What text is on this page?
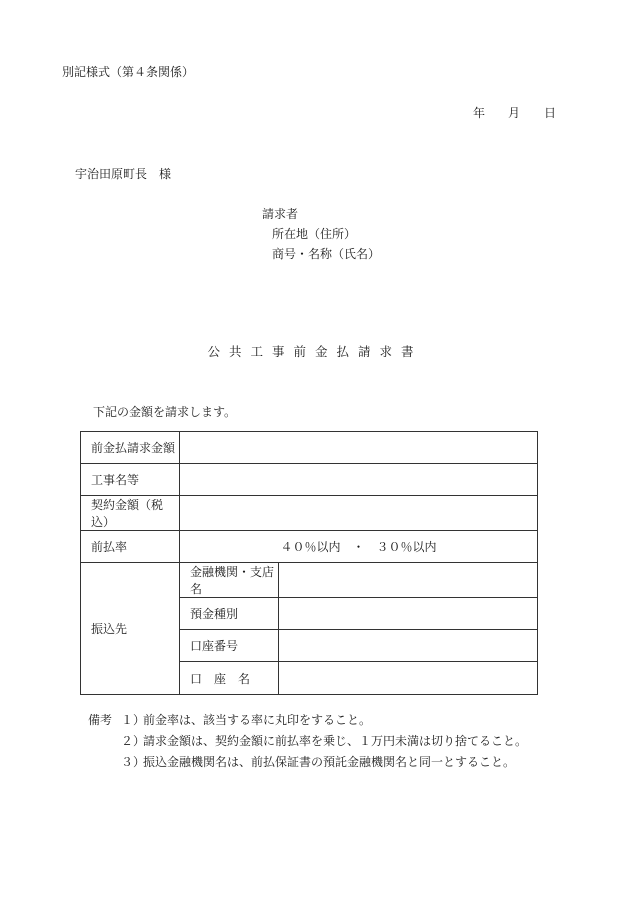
別記様式（第４条関係）
年 月 日
宇治田原町長　様
請求者
所在地（住所）
商号・名称（氏名）
公共工事前金払請求書
下記の金額を請求します。
前金払請求金額		
工事名等		
契約金額（税込）		
前払率	４０％以内　・　３０％以内	
振込先	金融機関・支店名	
	預金種別	
	口座番号	
	口　座　名	
備考 １）
前金率は、該当する率に丸印をすること。
２）
請求金額は、契約金額に前払率を乗じ、１万円未満は切り捨てること。
３）
振込金融機関名は、前払保証書の預託金融機関名と同一とすること。
